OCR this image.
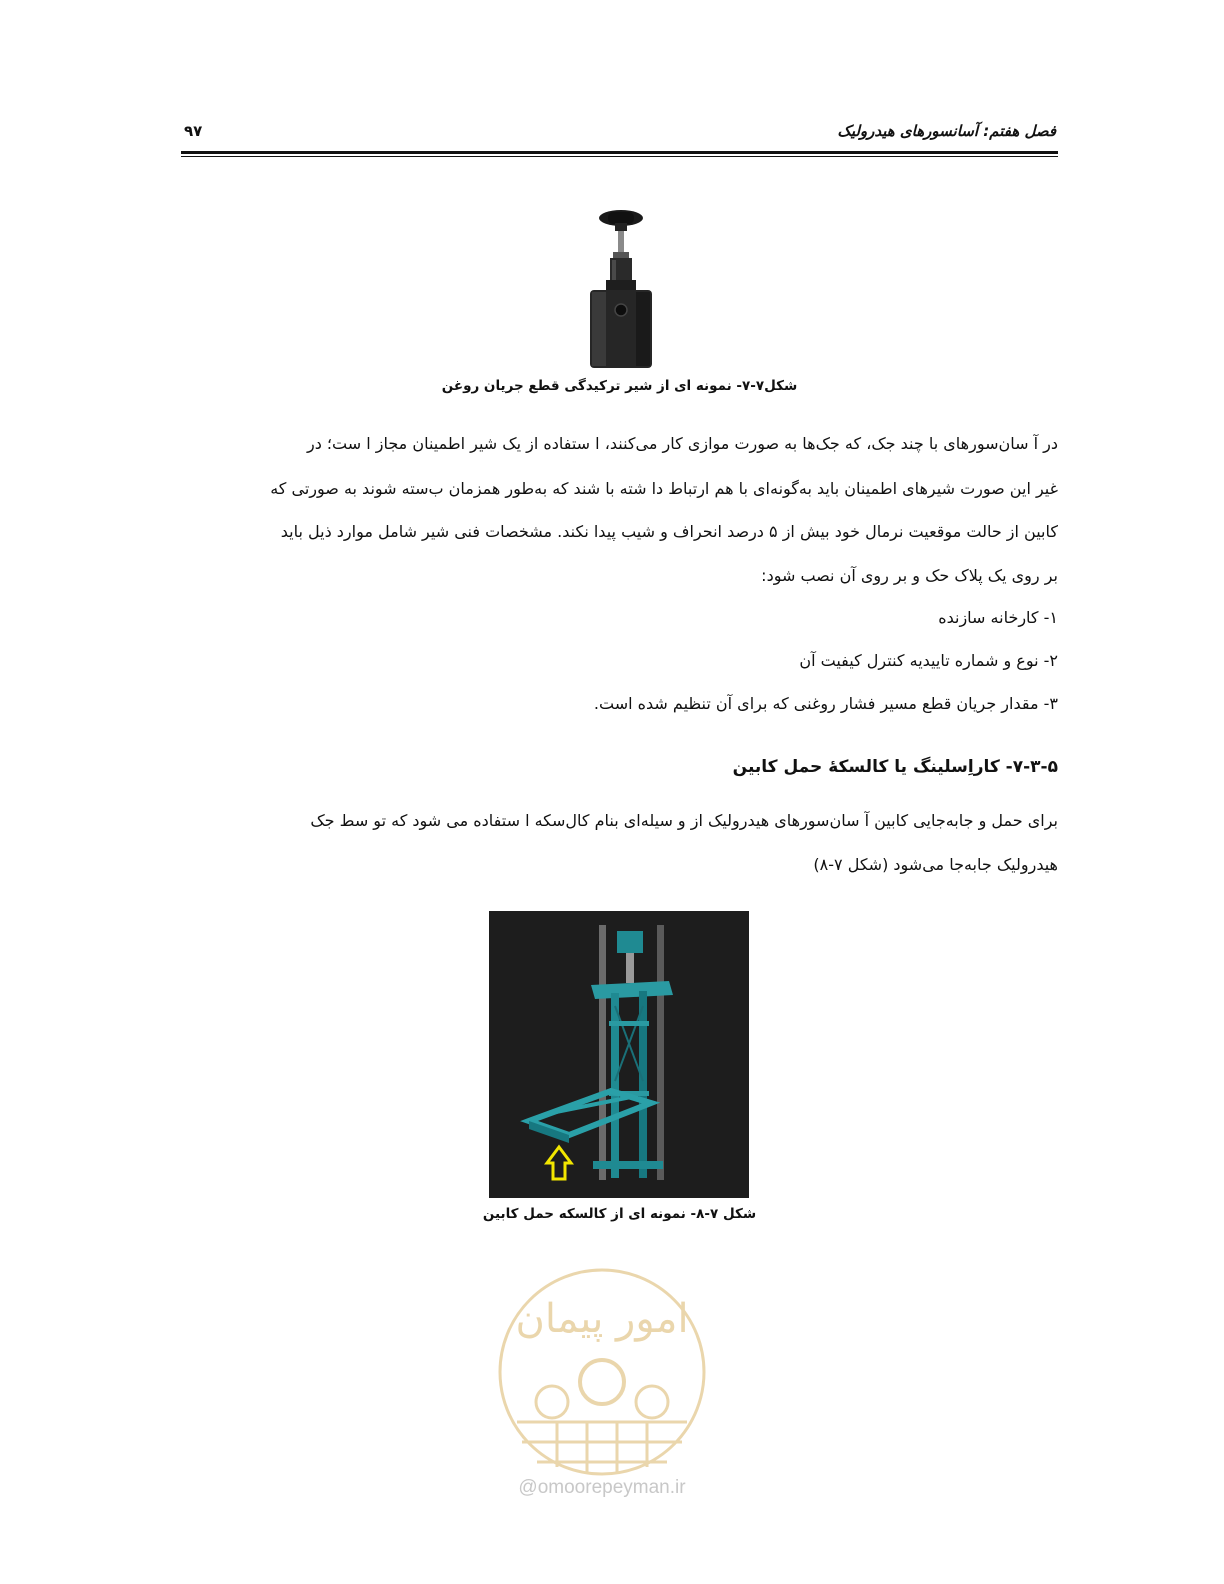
فصل هفتم: آسانسورهای هیدرولیک
۹۷
شکل۷-۷- نمونه ای از شیر ترکیدگی قطع جریان روغن
در آ سان‌سورهای با چند جک، که جک‌ها به صورت موازی کار می‌کنند، ا ستفاده از یک شیر اطمینان مجاز ا ست؛ در
غیر این صورت شیرهای اطمینان باید به‌گونه‌ای با هم ارتباط دا شته با شند که به‌طور همزمان ب‌سته شوند به صورتی که
کابین از حالت موقعیت نرمال خود بیش از ۵ درصد انحراف و شیب پیدا نکند. مشخصات فنی شیر شامل موارد ذیل باید
بر روی یک پلاک حک و بر روی آن نصب شود:
۱- کارخانه سازنده
۲- نوع و شماره تاییدیه کنترل کیفیت آن
۳- مقدار جریان قطع مسیر فشار روغنی که برای آن تنظیم شده است.
۷-۳-۵- کاراِسلینگ یا کالسکهٔ حمل کابین
برای حمل و جابه‌جایی کابین آ سان‌سورهای هیدرولیک از و سیله‌ای بنام کال‌سکه ا ستفاده می شود که تو سط جک
هیدرولیک جابه‌جا می‌شود (شکل ۷-۸)
شکل ۷-۸- نمونه ای از کالسکه حمل کابین
امور پیمان
@omoorepeyman.ir
